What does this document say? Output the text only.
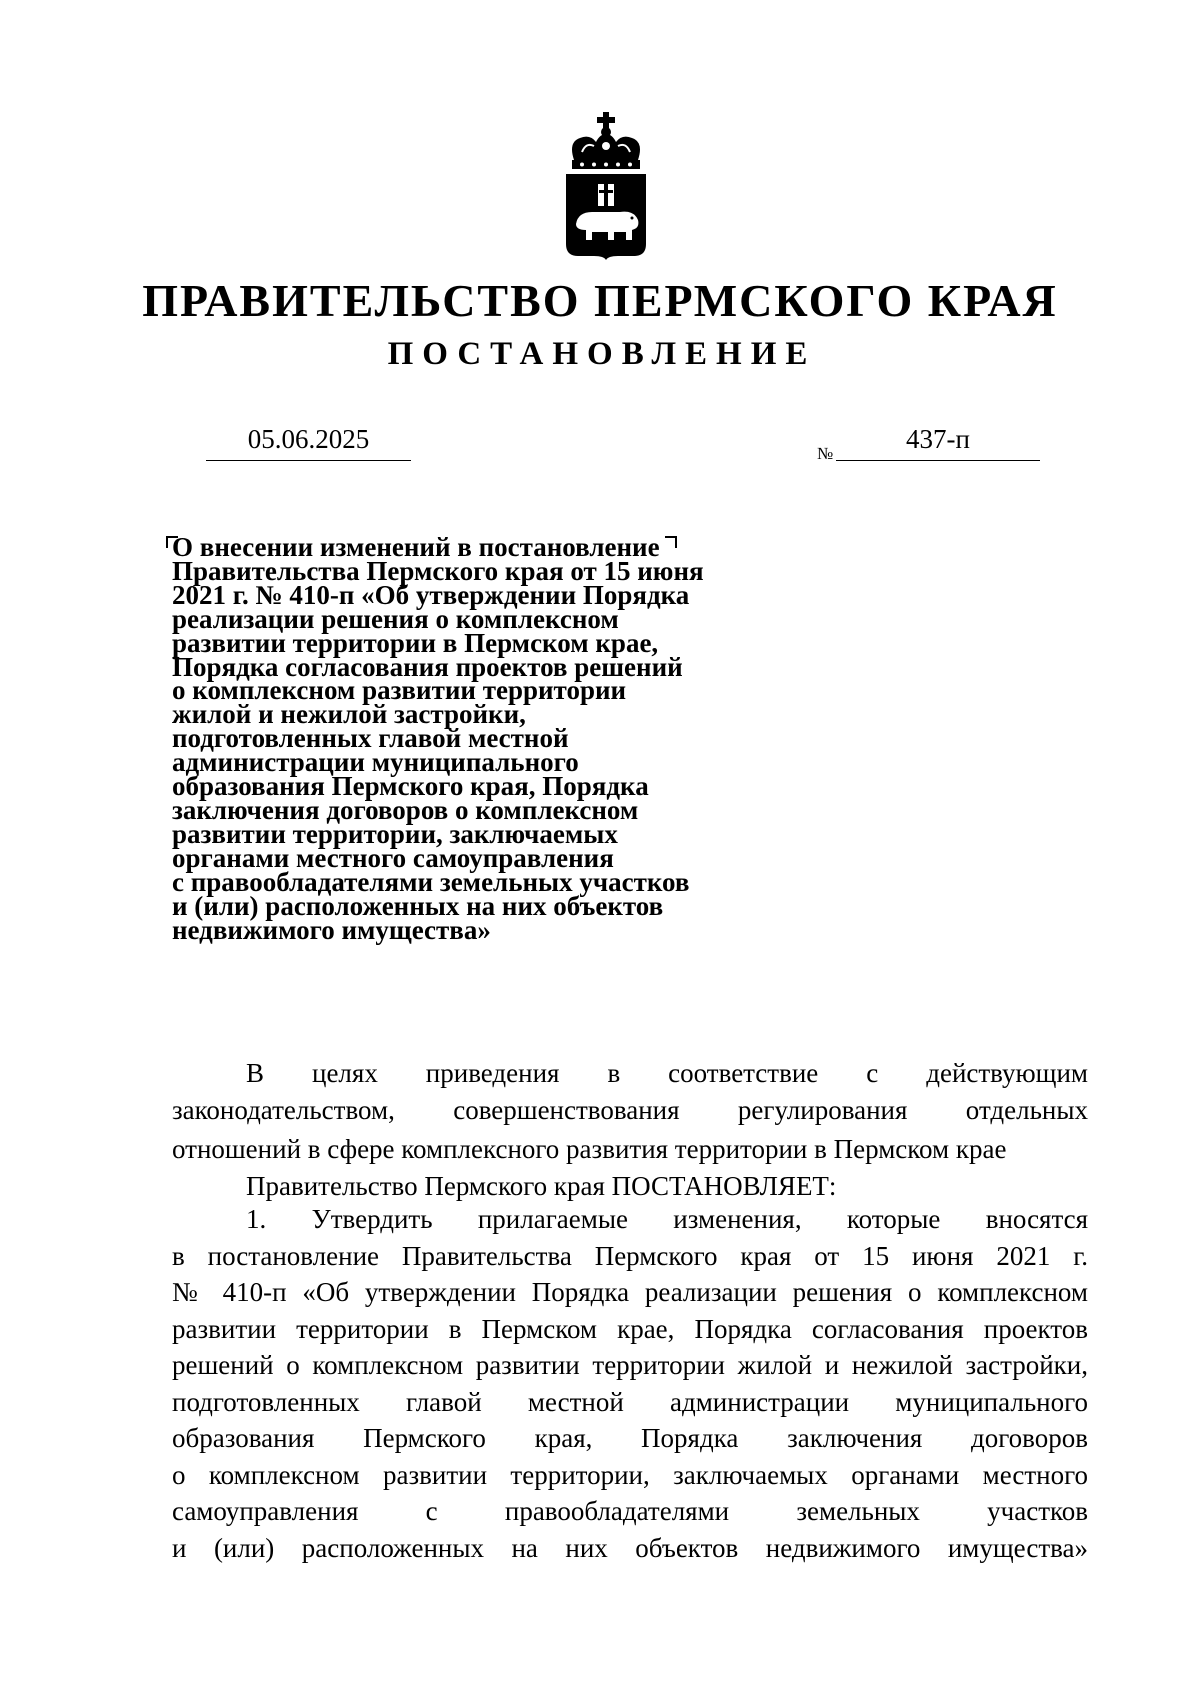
ПРАВИТЕЛЬСТВО ПЕРМСКОГО КРАЯ
ПОСТАНОВЛЕНИЕ
05.06.2025	№	437-п
О внесении изменений в постановление
Правительства Пермского края от 15 июня
2021 г. № 410-п «Об утверждении Порядка
реализации решения о комплексном
развитии территории в Пермском крае,
Порядка согласования проектов решений
о комплексном развитии территории
жилой и нежилой застройки,
подготовленных главой местной
администрации муниципального
образования Пермского края, Порядка
заключения договоров о комплексном
развитии территории, заключаемых
органами местного самоуправления
с правообладателями земельных участков
и (или) расположенных на них объектов
недвижимого имущества»
В целях приведения в соответствие с действующим
законодательством, совершенствования регулирования отдельных
отношений в сфере комплексного развития территории в Пермском крае
Правительство Пермского края ПОСТАНОВЛЯЕТ:
1. Утвердить прилагаемые изменения, которые вносятся
в постановление Правительства Пермского края от 15 июня 2021 г.
№ 410-п «Об утверждении Порядка реализации решения о комплексном
развитии территории в Пермском крае, Порядка согласования проектов
решений о комплексном развитии территории жилой и нежилой застройки,
подготовленных главой местной администрации муниципального
образования Пермского края, Порядка заключения договоров
о комплексном развитии территории, заключаемых органами местного
самоуправления с правообладателями земельных участков
и (или) расположенных на них объектов недвижимого имущества»
